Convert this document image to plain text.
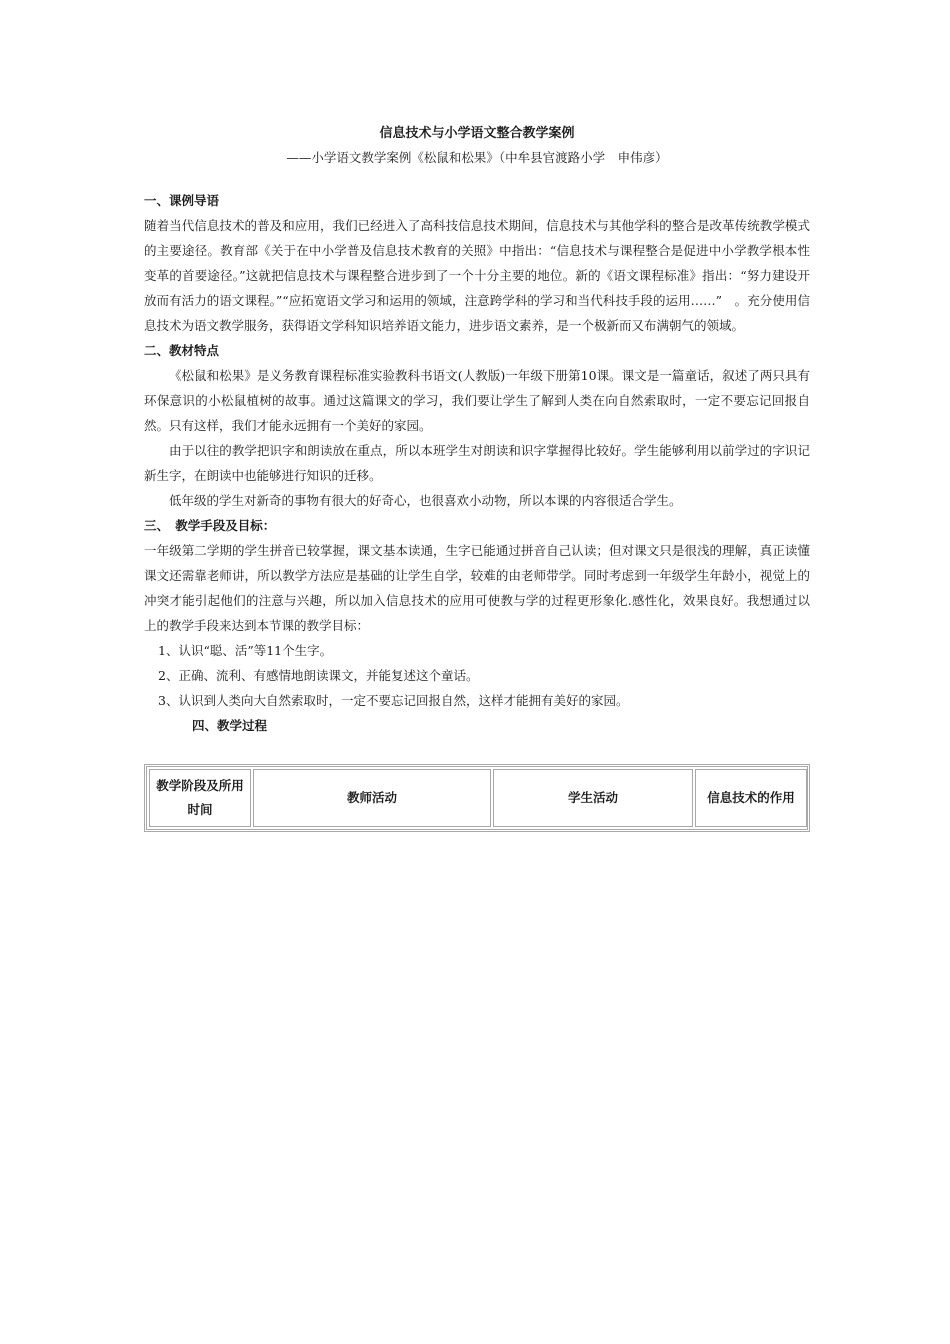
信息技术与小学语文整合教学案例

——小学语文教学案例《松鼠和松果》（中牟县官渡路小学　申伟彦）

一、课例导语

随着当代信息技术的普及和应用，我们已经进入了高科技信息技术期间，信息技术与其他学科的整合是改革传统教学模式的主要途径。教育部《关于在中小学普及信息技术教育的关照》中指出：“信息技术与课程整合是促进中小学教学根本性变革的首要途径。”这就把信息技术与课程整合进步到了一个十分主要的地位。新的《语文课程标准》指出：“努力建设开放而有活力的语文课程。”“应拓宽语文学习和运用的领域，注意跨学科的学习和当代科技手段的运用……”　。充分使用信息技术为语文教学服务，获得语文学科知识培养语文能力，进步语文素养，是一个极新而又布满朝气的领域。

二、教材特点

《松鼠和松果》是义务教育课程标准实验教科书语文(人教版)一年级下册第10课。课文是一篇童话，叙述了两只具有环保意识的小松鼠植树的故事。通过这篇课文的学习，我们要让学生了解到人类在向自然索取时，一定不要忘记回报自然。只有这样，我们才能永远拥有一个美好的家园。

由于以往的教学把识字和朗读放在重点，所以本班学生对朗读和识字掌握得比较好。学生能够利用以前学过的字识记新生字，在朗读中也能够进行知识的迁移。

低年级的学生对新奇的事物有很大的好奇心，也很喜欢小动物，所以本课的内容很适合学生。

三、　教学手段及目标：

一年级第二学期的学生拼音已较掌握，课文基本读通，生字已能通过拼音自己认读；但对课文只是很浅的理解，真正读懂课文还需靠老师讲，所以教学方法应是基础的让学生自学，较难的由老师带学。同时考虑到一年级学生年龄小，视觉上的冲突才能引起他们的注意与兴趣，所以加入信息技术的应用可使教与学的过程更形象化.感性化，效果良好。我想通过以上的教学手段来达到本节课的教学目标：

1、认识“聪、活”等11个生字。

2、正确、流利、有感情地朗读课文，并能复述这个童话。

3、认识到人类向大自然索取时，一定不要忘记回报自然，这样才能拥有美好的家园。

四、教学过程

教学阶段及所用时间	教师活动	学生活动	信息技术的作用
